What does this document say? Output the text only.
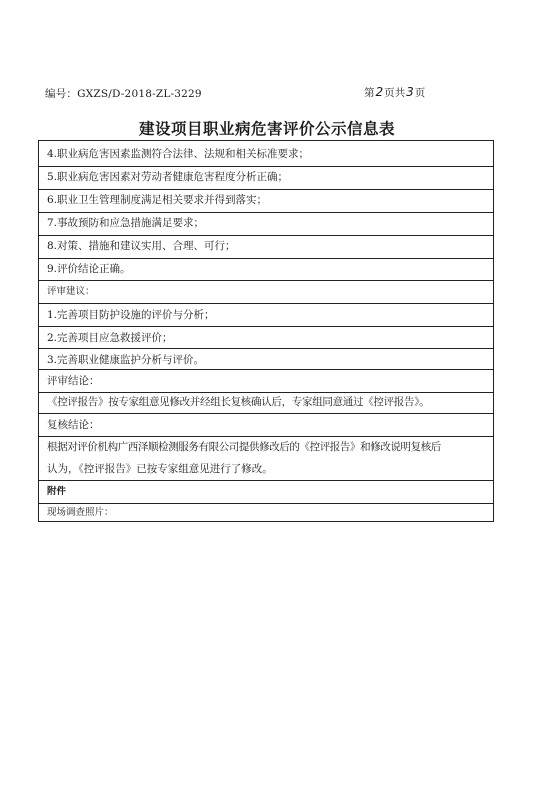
编号：GXZS/D-2018-ZL-3229	第2页共3页
建设项目职业病危害评价公示信息表
4.职业病危害因素监测符合法律、法规和相关标准要求；
5.职业病危害因素对劳动者健康危害程度分析正确；
6.职业卫生管理制度满足相关要求并得到落实；
7.事故预防和应急措施满足要求；
8.对策、措施和建议实用、合理、可行；
9.评价结论正确。
评审建议：
1.完善项目防护设施的评价与分析；
2.完善项目应急救援评价；
3.完善职业健康监护分析与评价。
评审结论：
《控评报告》按专家组意见修改并经组长复核确认后，专家组同意通过《控评报告》。
复核结论：
根据对评价机构广西泽顺检测服务有限公司提供修改后的《控评报告》和修改说明复核后
认为，《控评报告》已按专家组意见进行了修改。
附件
现场调查照片：
